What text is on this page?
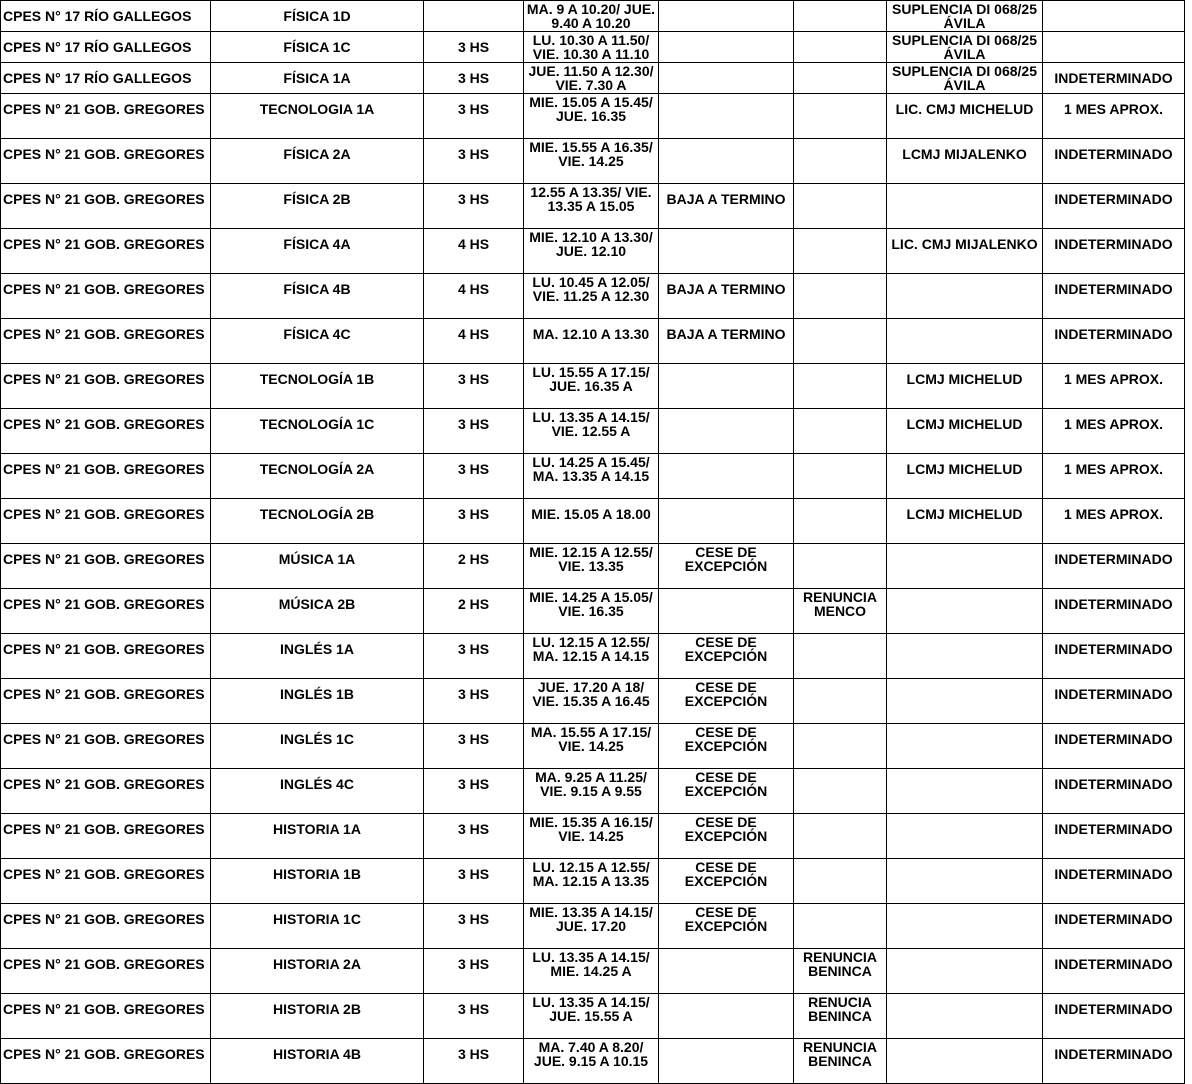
CPES N° 17 RÍO GALLEGOS	FÍSICA 1D		MA. 9 A 10.20/ JUE. 9.40 A 10.20			SUPLENCIA DI 068/25 ÁVILA	
CPES N° 17 RÍO GALLEGOS	FÍSICA 1C	3 HS	LU. 10.30 A 11.50/ VIE. 10.30 A 11.10			SUPLENCIA DI 068/25 ÁVILA	
CPES N° 17 RÍO GALLEGOS	FÍSICA 1A	3 HS	JUE. 11.50 A 12.30/ VIE. 7.30 A			SUPLENCIA DI 068/25 ÁVILA	INDETERMINADO
CPES N° 21 GOB. GREGORES	TECNOLOGIA 1A	3 HS	MIE. 15.05 A 15.45/ JUE. 16.35			LIC. CMJ MICHELUD	1 MES APROX.
CPES N° 21 GOB. GREGORES	FÍSICA 2A	3 HS	MIE. 15.55 A 16.35/ VIE. 14.25			LCMJ MIJALENKO	INDETERMINADO
CPES N° 21 GOB. GREGORES	FÍSICA 2B	3 HS	12.55 A 13.35/ VIE. 13.35 A 15.05	BAJA A TERMINO			INDETERMINADO
CPES N° 21 GOB. GREGORES	FÍSICA 4A	4 HS	MIE. 12.10 A 13.30/ JUE. 12.10			LIC. CMJ MIJALENKO	INDETERMINADO
CPES N° 21 GOB. GREGORES	FÍSICA 4B	4 HS	LU. 10.45 A 12.05/ VIE. 11.25 A 12.30	BAJA A TERMINO			INDETERMINADO
CPES N° 21 GOB. GREGORES	FÍSICA 4C	4 HS	MA. 12.10 A 13.30	BAJA A TERMINO			INDETERMINADO
CPES N° 21 GOB. GREGORES	TECNOLOGÍA 1B	3 HS	LU. 15.55 A 17.15/ JUE. 16.35 A			LCMJ MICHELUD	1 MES APROX.
CPES N° 21 GOB. GREGORES	TECNOLOGÍA 1C	3 HS	LU. 13.35 A 14.15/ VIE. 12.55 A			LCMJ MICHELUD	1 MES APROX.
CPES N° 21 GOB. GREGORES	TECNOLOGÍA 2A	3 HS	LU. 14.25 A 15.45/ MA. 13.35 A 14.15			LCMJ MICHELUD	1 MES APROX.
CPES N° 21 GOB. GREGORES	TECNOLOGÍA 2B	3 HS	MIE. 15.05 A 18.00			LCMJ MICHELUD	1 MES APROX.
CPES N° 21 GOB. GREGORES	MÚSICA 1A	2 HS	MIE. 12.15 A 12.55/ VIE. 13.35	CESE DE EXCEPCIÓN			INDETERMINADO
CPES N° 21 GOB. GREGORES	MÚSICA 2B	2 HS	MIE. 14.25 A 15.05/ VIE. 16.35		RENUNCIA MENCO		INDETERMINADO
CPES N° 21 GOB. GREGORES	INGLÉS 1A	3 HS	LU. 12.15 A 12.55/ MA. 12.15 A 14.15	CESE DE EXCEPCIÓN			INDETERMINADO
CPES N° 21 GOB. GREGORES	INGLÉS 1B	3 HS	JUE. 17.20 A 18/ VIE. 15.35 A 16.45	CESE DE EXCEPCIÓN			INDETERMINADO
CPES N° 21 GOB. GREGORES	INGLÉS 1C	3 HS	MA. 15.55 A 17.15/ VIE. 14.25	CESE DE EXCEPCIÓN			INDETERMINADO
CPES N° 21 GOB. GREGORES	INGLÉS 4C	3 HS	MA. 9.25 A 11.25/ VIE. 9.15 A 9.55	CESE DE EXCEPCIÓN			INDETERMINADO
CPES N° 21 GOB. GREGORES	HISTORIA 1A	3 HS	MIE. 15.35 A 16.15/ VIE. 14.25	CESE DE EXCEPCIÓN			INDETERMINADO
CPES N° 21 GOB. GREGORES	HISTORIA 1B	3 HS	LU. 12.15 A 12.55/ MA. 12.15 A 13.35	CESE DE EXCEPCIÓN			INDETERMINADO
CPES N° 21 GOB. GREGORES	HISTORIA 1C	3 HS	MIE. 13.35 A 14.15/ JUE. 17.20	CESE DE EXCEPCIÓN			INDETERMINADO
CPES N° 21 GOB. GREGORES	HISTORIA 2A	3 HS	LU. 13.35 A 14.15/ MIE. 14.25 A		RENUNCIA BENINCA		INDETERMINADO
CPES N° 21 GOB. GREGORES	HISTORIA 2B	3 HS	LU. 13.35 A 14.15/ JUE. 15.55 A		RENUCIA BENINCA		INDETERMINADO
CPES N° 21 GOB. GREGORES	HISTORIA 4B	3 HS	MA. 7.40 A 8.20/ JUE. 9.15 A 10.15		RENUNCIA BENINCA		INDETERMINADO
